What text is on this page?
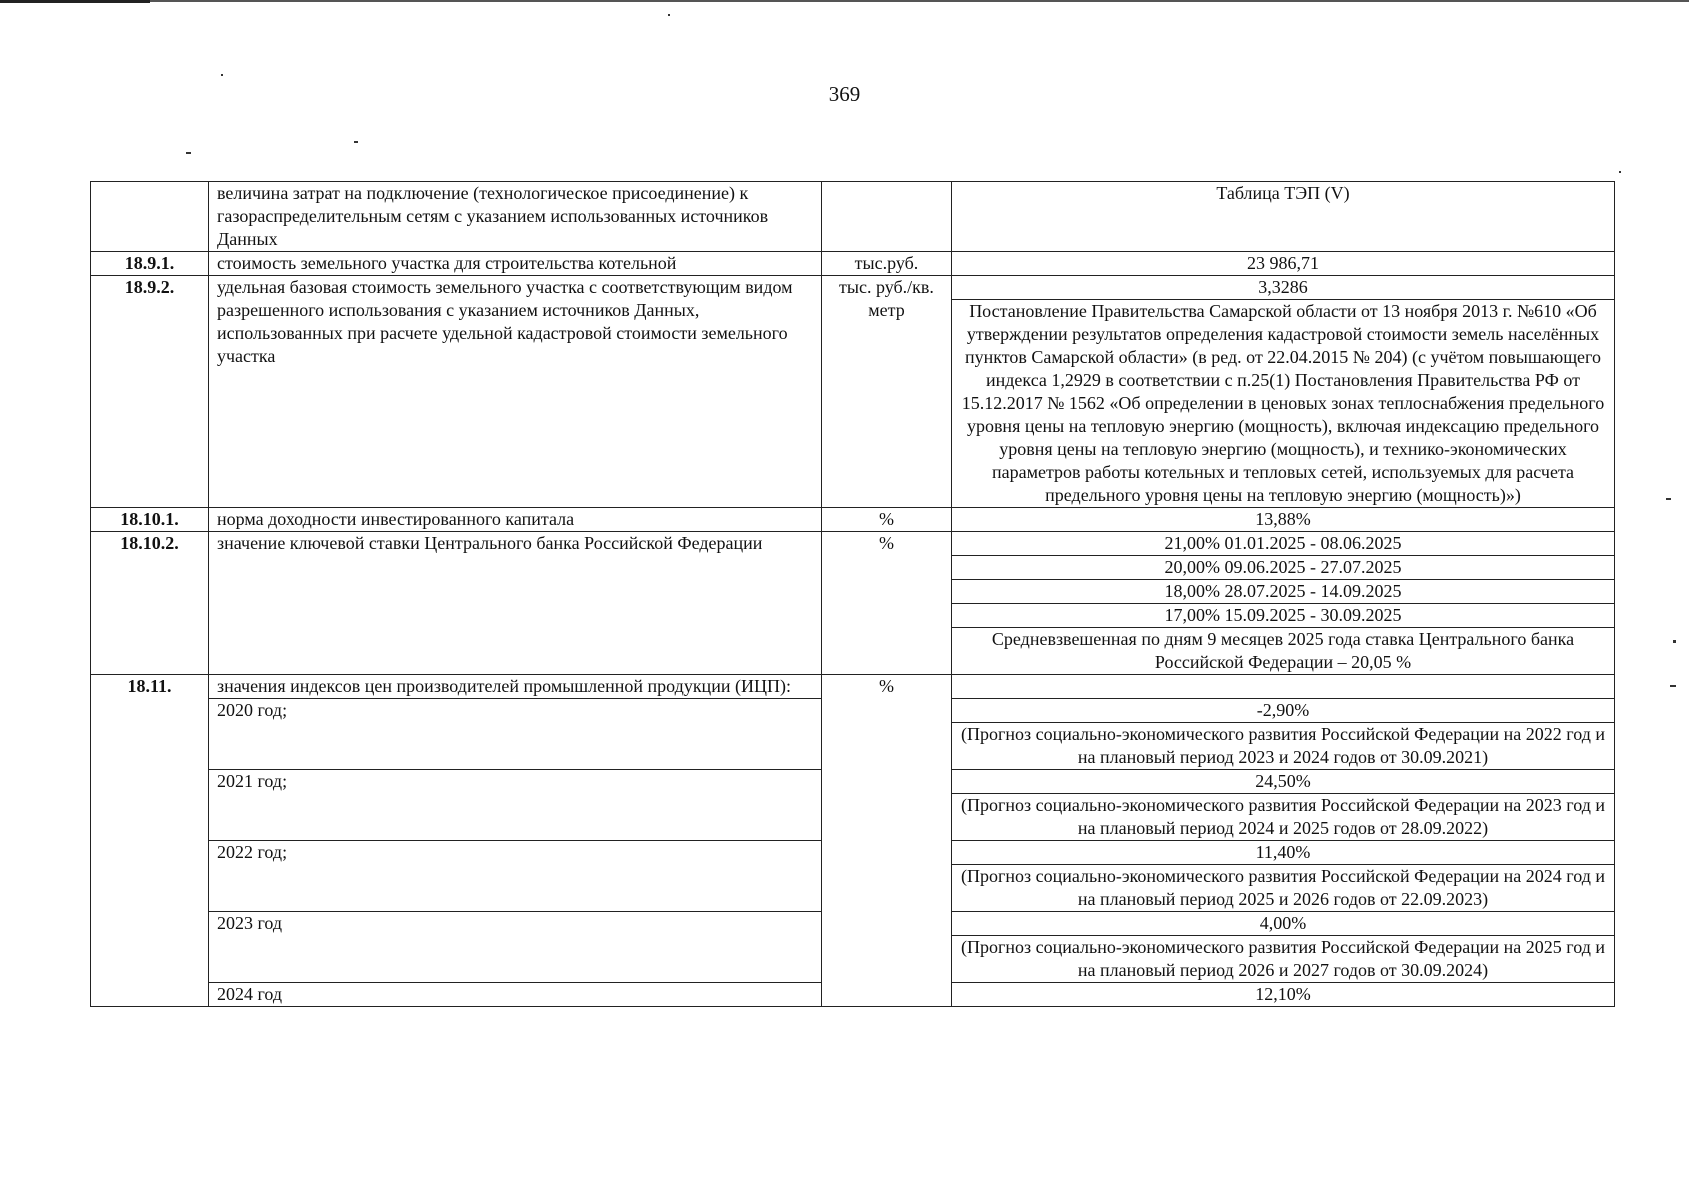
369
	величина затрат на подключение (технологическое присоединение) к газораспределительным сетям с указанием использованных источников Данных		Таблица ТЭП (V)
18.9.1.	стоимость земельного участка для строительства котельной	тыс.руб.	23 986,71
18.9.2.	удельная базовая стоимость земельного участка с соответствующим видом разрешенного использования с указанием источников Данных, использованных при расчете удельной кадастровой стоимости земельного участка	тыс. руб./кв. метр	3,3286
			Постановление Правительства Самарской области от 13 ноября 2013 г. №610 «Об утверждении результатов определения кадастровой стоимости земель населённых пунктов Самарской области» (в ред. от 22.04.2015 № 204) (с учётом повышающего индекса 1,2929 в соответствии с п.25(1) Постановления Правительства РФ от 15.12.2017 № 1562 «Об определении в ценовых зонах теплоснабжения предельного уровня цены на тепловую энергию (мощность), включая индексацию предельного уровня цены на тепловую энергию (мощность), и технико-экономических параметров работы котельных и тепловых сетей, используемых для расчета предельного уровня цены на тепловую энергию (мощность)»)
18.10.1.	норма доходности инвестированного капитала	%	13,88%
18.10.2.	значение ключевой ставки Центрального банка Российской Федерации	%	21,00% 01.01.2025 - 08.06.2025
			20,00% 09.06.2025 - 27.07.2025
			18,00% 28.07.2025 - 14.09.2025
			17,00% 15.09.2025 - 30.09.2025
			Средневзвешенная по дням 9 месяцев 2025 года ставка Центрального банка Российской Федерации – 20,05 %
18.11.	значения индексов цен производителей промышленной продукции (ИЦП):	%	
	2020 год;		-2,90%
			(Прогноз социально-экономического развития Российской Федерации на 2022 год и на плановый период 2023 и 2024 годов от 30.09.2021)
	2021 год;		24,50%
			(Прогноз социально-экономического развития Российской Федерации на 2023 год и на плановый период 2024 и 2025 годов от 28.09.2022)
	2022 год;		11,40%
			(Прогноз социально-экономического развития Российской Федерации на 2024 год и на плановый период 2025 и 2026 годов от 22.09.2023)
	2023 год		4,00%
			(Прогноз социально-экономического развития Российской Федерации на 2025 год и на плановый период 2026 и 2027 годов от 30.09.2024)
	2024 год		12,10%
